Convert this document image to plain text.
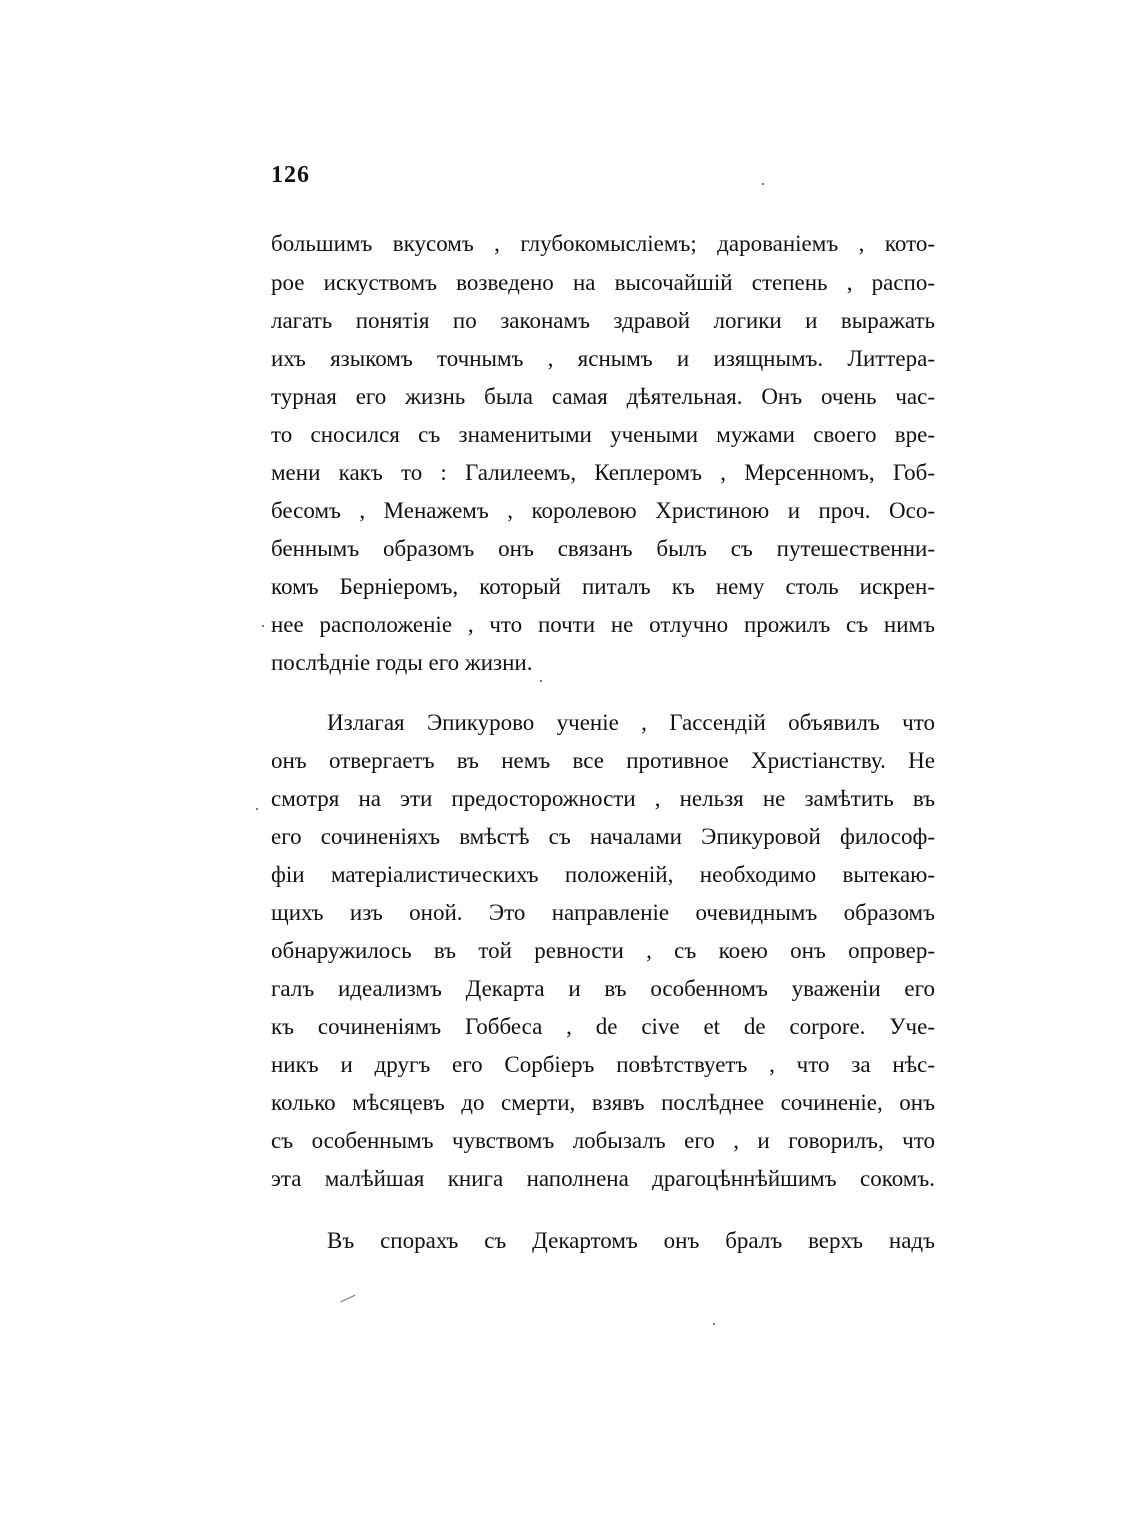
126
большимъ вкусомъ , глубокомысліемъ; дарованіемъ , кото-
рое искуствомъ возведено на высочайшій степень , распо-
лагать понятія по законамъ здравой логики и выражать
ихъ языкомъ точнымъ , яснымъ и изящнымъ. Литтера-
турная его жизнь была самая дѣятельная. Онъ очень час-
то сносился съ знаменитыми учеными мужами своего вре-
мени какъ то : Галилеемъ, Кеплеромъ , Мерсенномъ, Гоб-
бесомъ , Менажемъ , королевою Христиною и проч. Осо-
беннымъ образомъ онъ связанъ былъ съ путешественни-
комъ Берніеромъ, который питалъ къ нему столь искрен-
нее расположеніе , что почти не отлучно прожилъ съ нимъ
послѣдніе годы его жизни.
Излагая Эпикурово ученіе , Гассендій объявилъ что
онъ отвергаетъ въ немъ все противное Христіанству. Не
смотря на эти предосторожности , нельзя не замѣтить въ
его сочиненіяхъ вмѣстѣ съ началами Эпикуровой философ-
фіи матеріалистическихъ положеній, необходимо вытекаю-
щихъ изъ оной. Это направленіе очевиднымъ образомъ
обнаружилось въ той ревности , съ коею онъ опровер-
галъ идеализмъ Декарта и въ особенномъ уваженіи его
къ сочиненіямъ Гоббеса , de cive et de corpore. Уче-
никъ и другъ его Сорбіеръ повѣтствуетъ , что за нѣс-
колько мѣсяцевъ до смерти, взявъ послѣднее сочиненіе, онъ
съ особеннымъ чувствомъ лобызалъ его , и говорилъ, что
эта малѣйшая книга наполнена драгоцѣннѣйшимъ сокомъ.
Въ спорахъ съ Декартомъ онъ бралъ верхъ надъ
